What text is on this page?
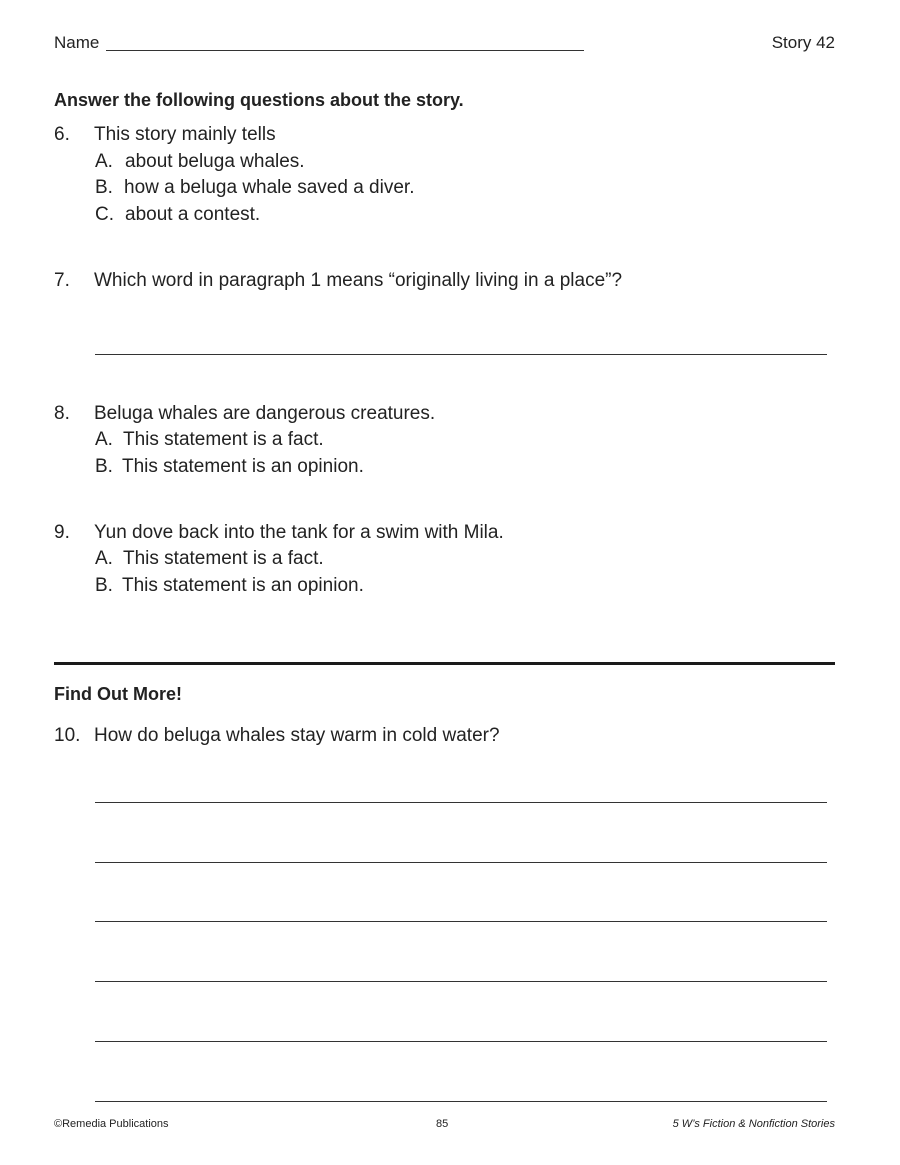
Name	Story 42
Answer the following questions about the story.
6. This story mainly tells
A. about beluga whales.
B. how a beluga whale saved a diver.
C. about a contest.
7. Which word in paragraph 1 means “originally living in a place”?
8. Beluga whales are dangerous creatures.
A. This statement is a fact.
B. This statement is an opinion.
9. Yun dove back into the tank for a swim with Mila.
A. This statement is a fact.
B. This statement is an opinion.
Find Out More!
10. How do beluga whales stay warm in cold water?
©Remedia Publications	85	5 W’s Fiction & Nonfiction Stories
